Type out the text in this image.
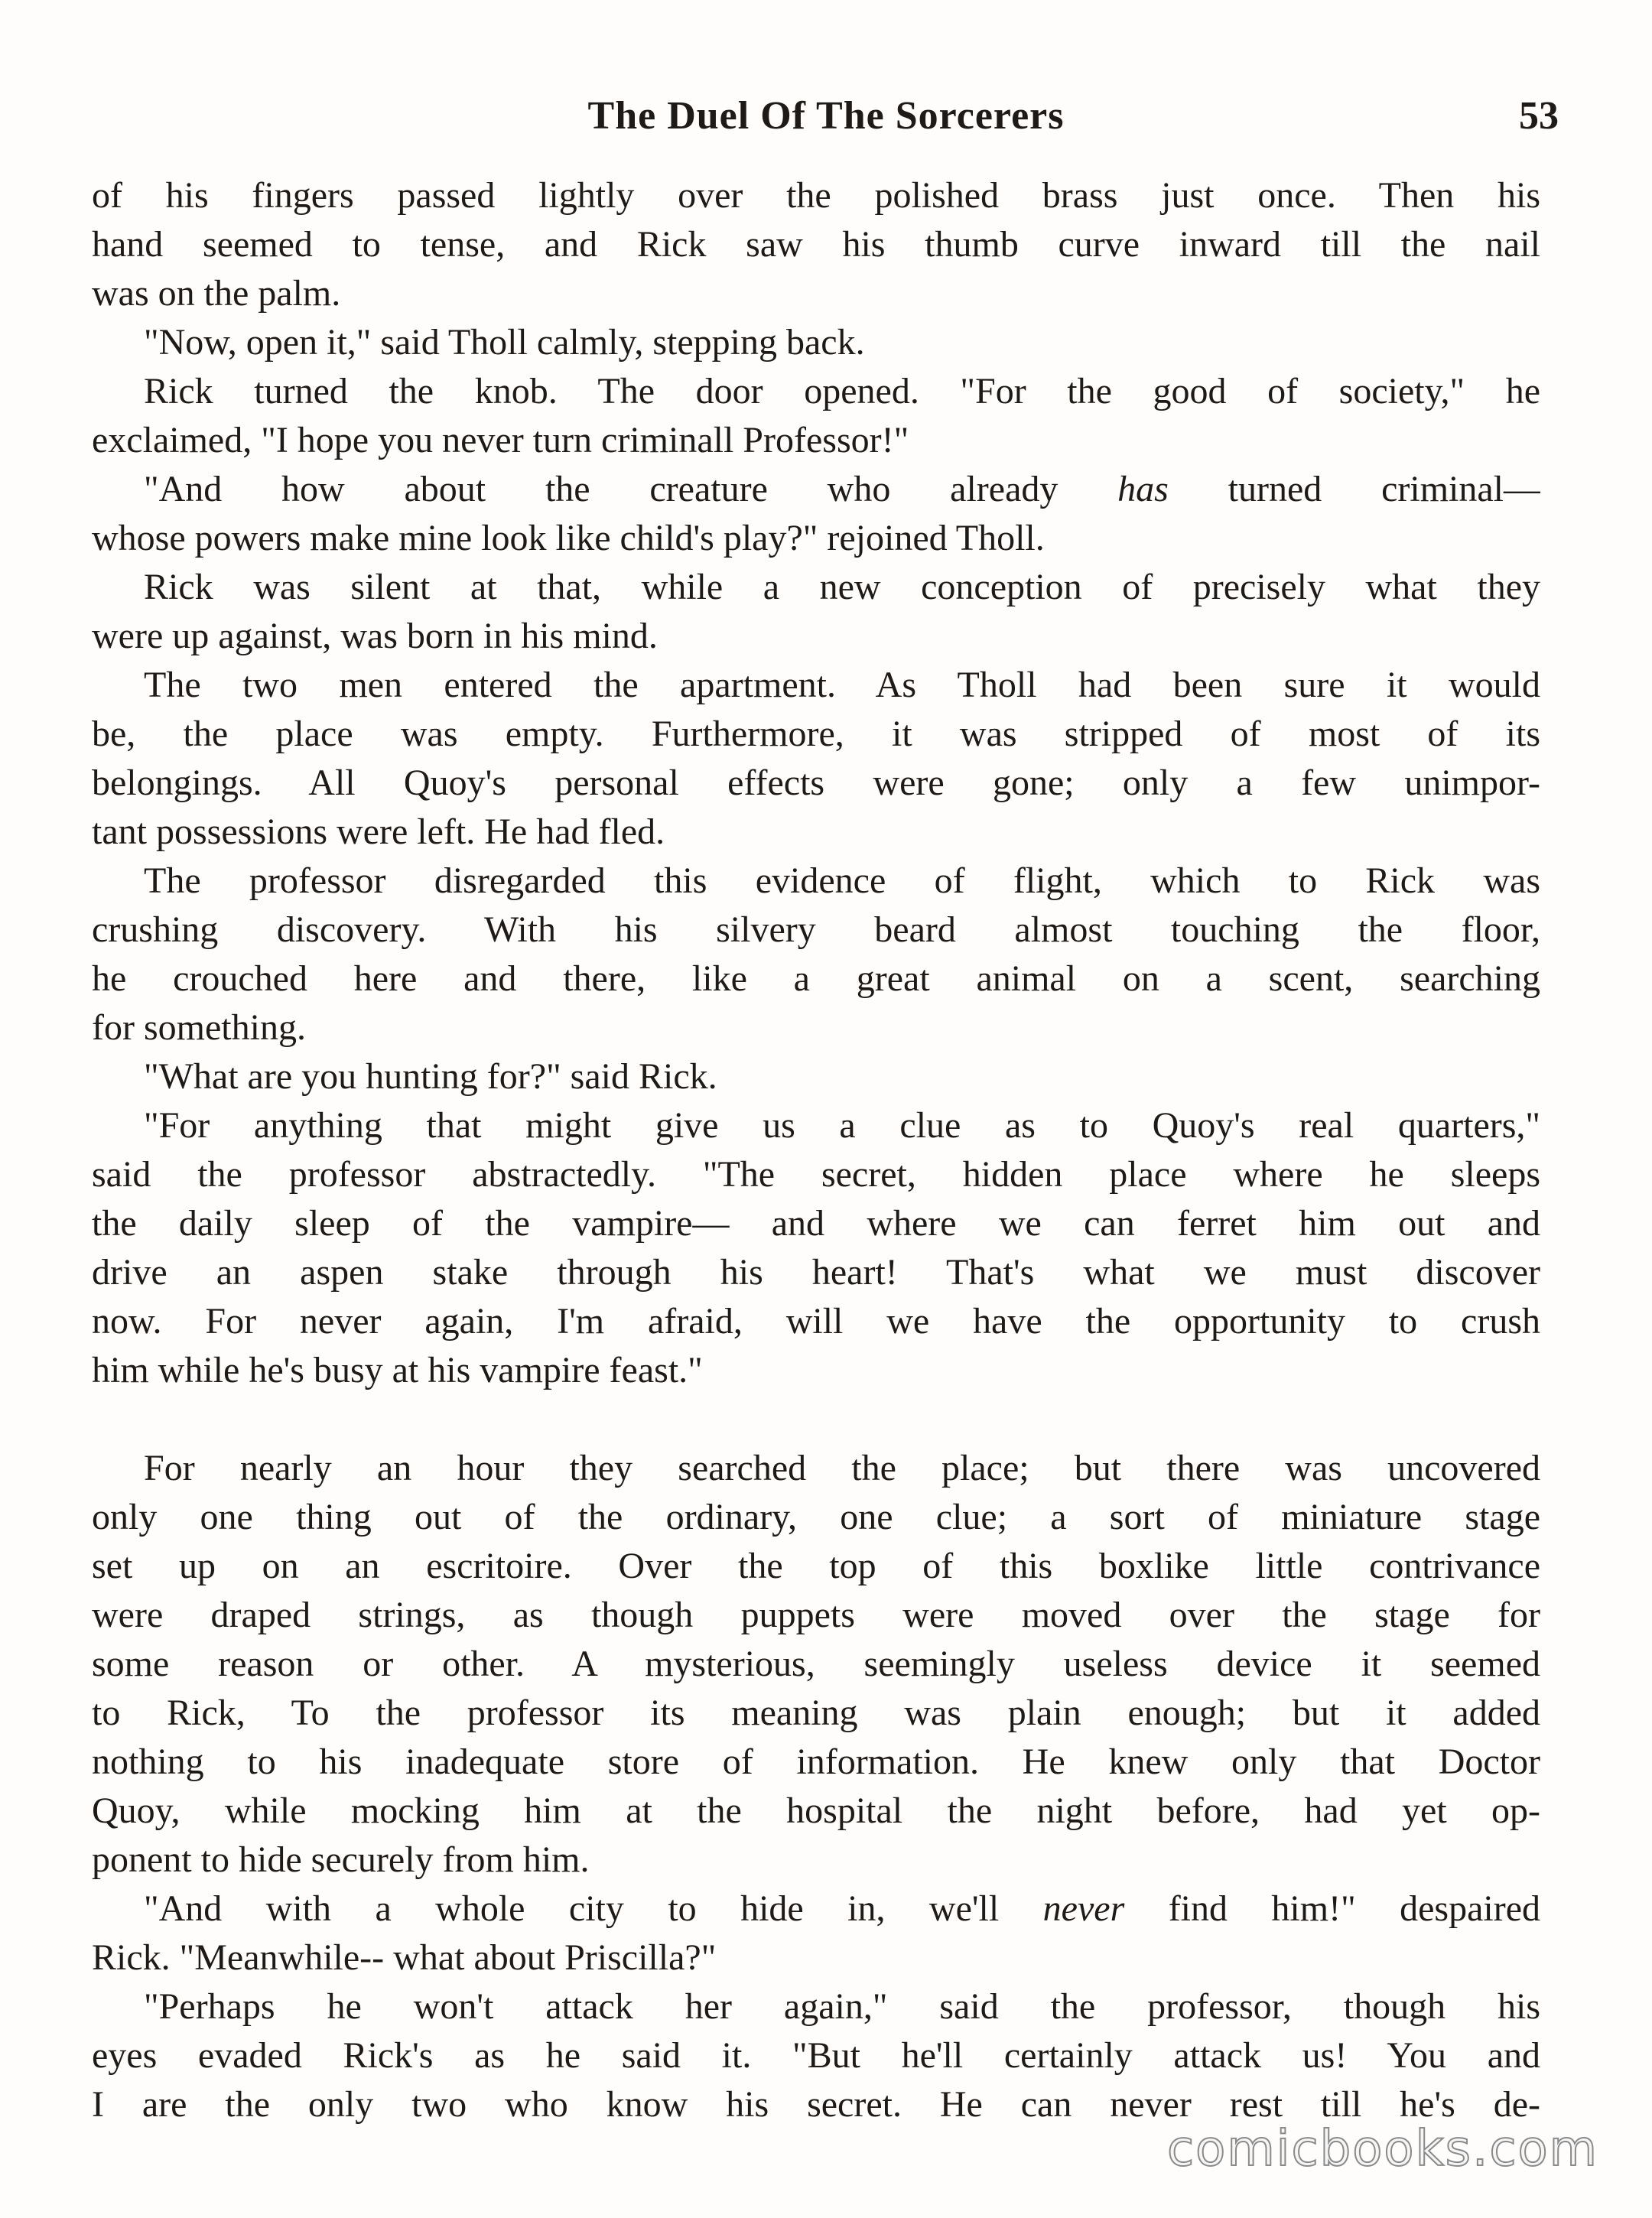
The Duel Of The Sorcerers	53
of his fingers passed lightly over the polished brass just once. Then his
hand seemed to tense, and Rick saw his thumb curve inward till the nail
was on the palm.
"Now, open it," said Tholl calmly, stepping back.
Rick turned the knob. The door opened. "For the good of society," he
exclaimed, "I hope you never turn criminall Professor!"
"And how about the creature who already has turned criminal—
whose powers make mine look like child's play?" rejoined Tholl.
Rick was silent at that, while a new conception of precisely what they
were up against, was born in his mind.
The two men entered the apartment. As Tholl had been sure it would
be, the place was empty. Furthermore, it was stripped of most of its
belongings. All Quoy's personal effects were gone; only a few unimpor-
tant possessions were left. He had fled.
The professor disregarded this evidence of flight, which to Rick was
crushing discovery. With his silvery beard almost touching the floor,
he crouched here and there, like a great animal on a scent, searching
for something.
"What are you hunting for?" said Rick.
"For anything that might give us a clue as to Quoy's real quarters,"
said the professor abstractedly. "The secret, hidden place where he sleeps
the daily sleep of the vampire— and where we can ferret him out and
drive an aspen stake through his heart! That's what we must discover
now. For never again, I'm afraid, will we have the opportunity to crush
him while he's busy at his vampire feast."
For nearly an hour they searched the place; but there was uncovered
only one thing out of the ordinary, one clue; a sort of miniature stage
set up on an escritoire. Over the top of this boxlike little contrivance
were draped strings, as though puppets were moved over the stage for
some reason or other. A mysterious, seemingly useless device it seemed
to Rick, To the professor its meaning was plain enough; but it added
nothing to his inadequate store of information. He knew only that Doctor
Quoy, while mocking him at the hospital the night before, had yet op-
ponent to hide securely from him.
"And with a whole city to hide in, we'll never find him!" despaired
Rick. "Meanwhile-- what about Priscilla?"
"Perhaps he won't attack her again," said the professor, though his
eyes evaded Rick's as he said it. "But he'll certainly attack us! You and
I are the only two who know his secret. He can never rest till he's de-
comicbooks.com
